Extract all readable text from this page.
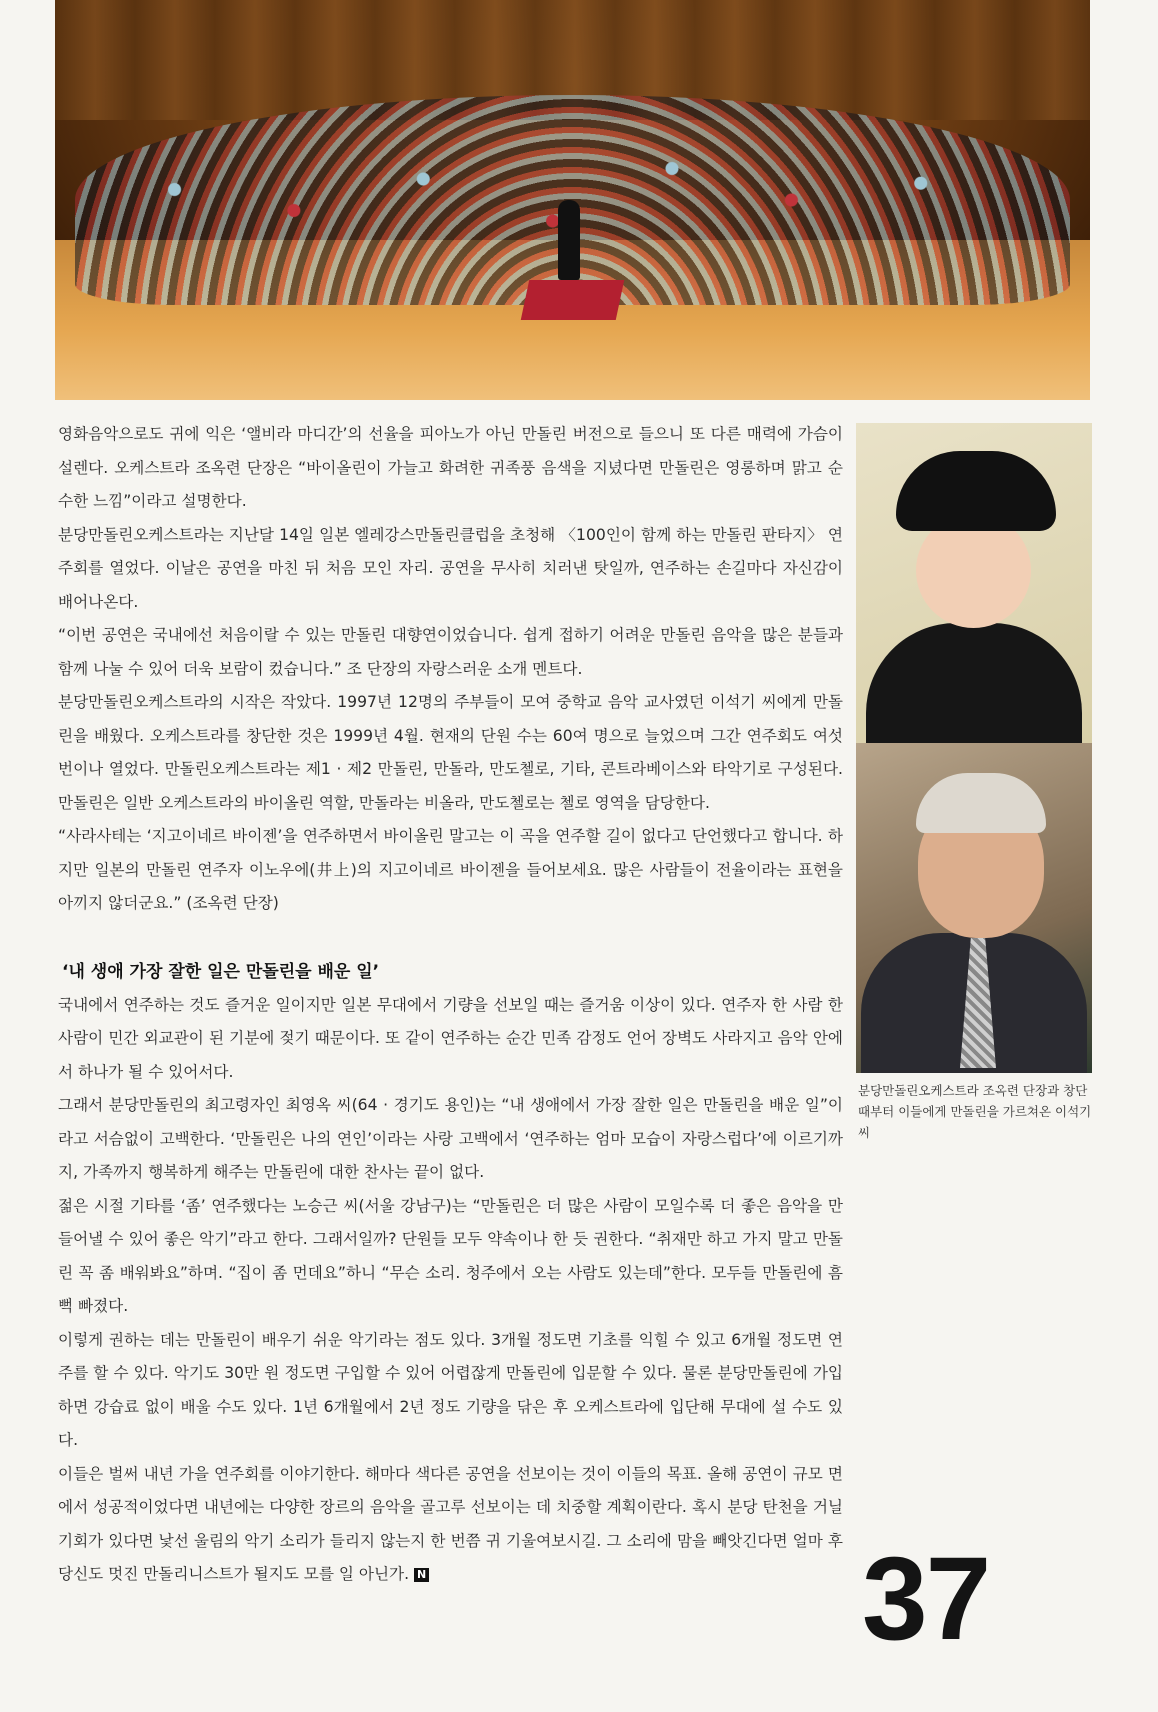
영화음악으로도 귀에 익은 ‘앨비라 마디간’의 선율을 피아노가 아닌 만돌린 버전으로 들으니 또 다른 매력에 가슴이 설렌다. 오케스트라 조옥련 단장은 “바이올린이 가늘고 화려한 귀족풍 음색을 지녔다면 만돌린은 영롱하며 맑고 순수한 느낌”이라고 설명한다.

분당만돌린오케스트라는 지난달 14일 일본 엘레강스만돌린클럽을 초청해 〈100인이 함께 하는 만돌린 판타지〉 연주회를 열었다. 이날은 공연을 마친 뒤 처음 모인 자리. 공연을 무사히 치러낸 탓일까, 연주하는 손길마다 자신감이 배어나온다.

“이번 공연은 국내에선 처음이랄 수 있는 만돌린 대향연이었습니다. 쉽게 접하기 어려운 만돌린 음악을 많은 분들과 함께 나눌 수 있어 더욱 보람이 컸습니다.” 조 단장의 자랑스러운 소개 멘트다.

분당만돌린오케스트라의 시작은 작았다. 1997년 12명의 주부들이 모여 중학교 음악 교사였던 이석기 씨에게 만돌린을 배웠다. 오케스트라를 창단한 것은 1999년 4월. 현재의 단원 수는 60여 명으로 늘었으며 그간 연주회도 여섯 번이나 열었다. 만돌린오케스트라는 제1 · 제2 만돌린, 만돌라, 만도첼로, 기타, 콘트라베이스와 타악기로 구성된다. 만돌린은 일반 오케스트라의 바이올린 역할, 만돌라는 비올라, 만도첼로는 첼로 영역을 담당한다.

“사라사테는 ‘지고이네르 바이젠’을 연주하면서 바이올린 말고는 이 곡을 연주할 길이 없다고 단언했다고 합니다. 하지만 일본의 만돌린 연주자 이노우에(井上)의 지고이네르 바이젠을 들어보세요. 많은 사람들이 전율이라는 표현을 아끼지 않더군요.” (조옥련 단장)

‘내 생애 가장 잘한 일은 만돌린을 배운 일’

국내에서 연주하는 것도 즐거운 일이지만 일본 무대에서 기량을 선보일 때는 즐거움 이상이 있다. 연주자 한 사람 한 사람이 민간 외교관이 된 기분에 젖기 때문이다. 또 같이 연주하는 순간 민족 감정도 언어 장벽도 사라지고 음악 안에서 하나가 될 수 있어서다.

그래서 분당만돌린의 최고령자인 최영옥 씨(64 · 경기도 용인)는 “내 생애에서 가장 잘한 일은 만돌린을 배운 일”이라고 서슴없이 고백한다. ‘만돌린은 나의 연인’이라는 사랑 고백에서 ‘연주하는 엄마 모습이 자랑스럽다’에 이르기까지, 가족까지 행복하게 해주는 만돌린에 대한 찬사는 끝이 없다.

젊은 시절 기타를 ‘좀’ 연주했다는 노승근 씨(서울 강남구)는 “만돌린은 더 많은 사람이 모일수록 더 좋은 음악을 만들어낼 수 있어 좋은 악기”라고 한다. 그래서일까? 단원들 모두 약속이나 한 듯 권한다. “취재만 하고 가지 말고 만돌린 꼭 좀 배워봐요”하며. “집이 좀 먼데요”하니 “무슨 소리. 청주에서 오는 사람도 있는데”한다. 모두들 만돌린에 흠뻑 빠졌다.

이렇게 권하는 데는 만돌린이 배우기 쉬운 악기라는 점도 있다. 3개월 정도면 기초를 익힐 수 있고 6개월 정도면 연주를 할 수 있다. 악기도 30만 원 정도면 구입할 수 있어 어렵잖게 만돌린에 입문할 수 있다. 물론 분당만돌린에 가입하면 강습료 없이 배울 수도 있다. 1년 6개월에서 2년 정도 기량을 닦은 후 오케스트라에 입단해 무대에 설 수도 있다.

이들은 벌써 내년 가을 연주회를 이야기한다. 해마다 색다른 공연을 선보이는 것이 이들의 목표. 올해 공연이 규모 면에서 성공적이었다면 내년에는 다양한 장르의 음악을 골고루 선보이는 데 치중할 계획이란다. 혹시 분당 탄천을 거닐 기회가 있다면 낯선 울림의 악기 소리가 들리지 않는지 한 번쯤 귀 기울여보시길. 그 소리에 맘을 빼앗긴다면 얼마 후 당신도 멋진 만돌리니스트가 될지도 모를 일 아닌가. N

분당만돌린오케스트라 조옥련 단장과 창단 때부터 이들에게 만돌린을 가르쳐온 이석기 씨
37
